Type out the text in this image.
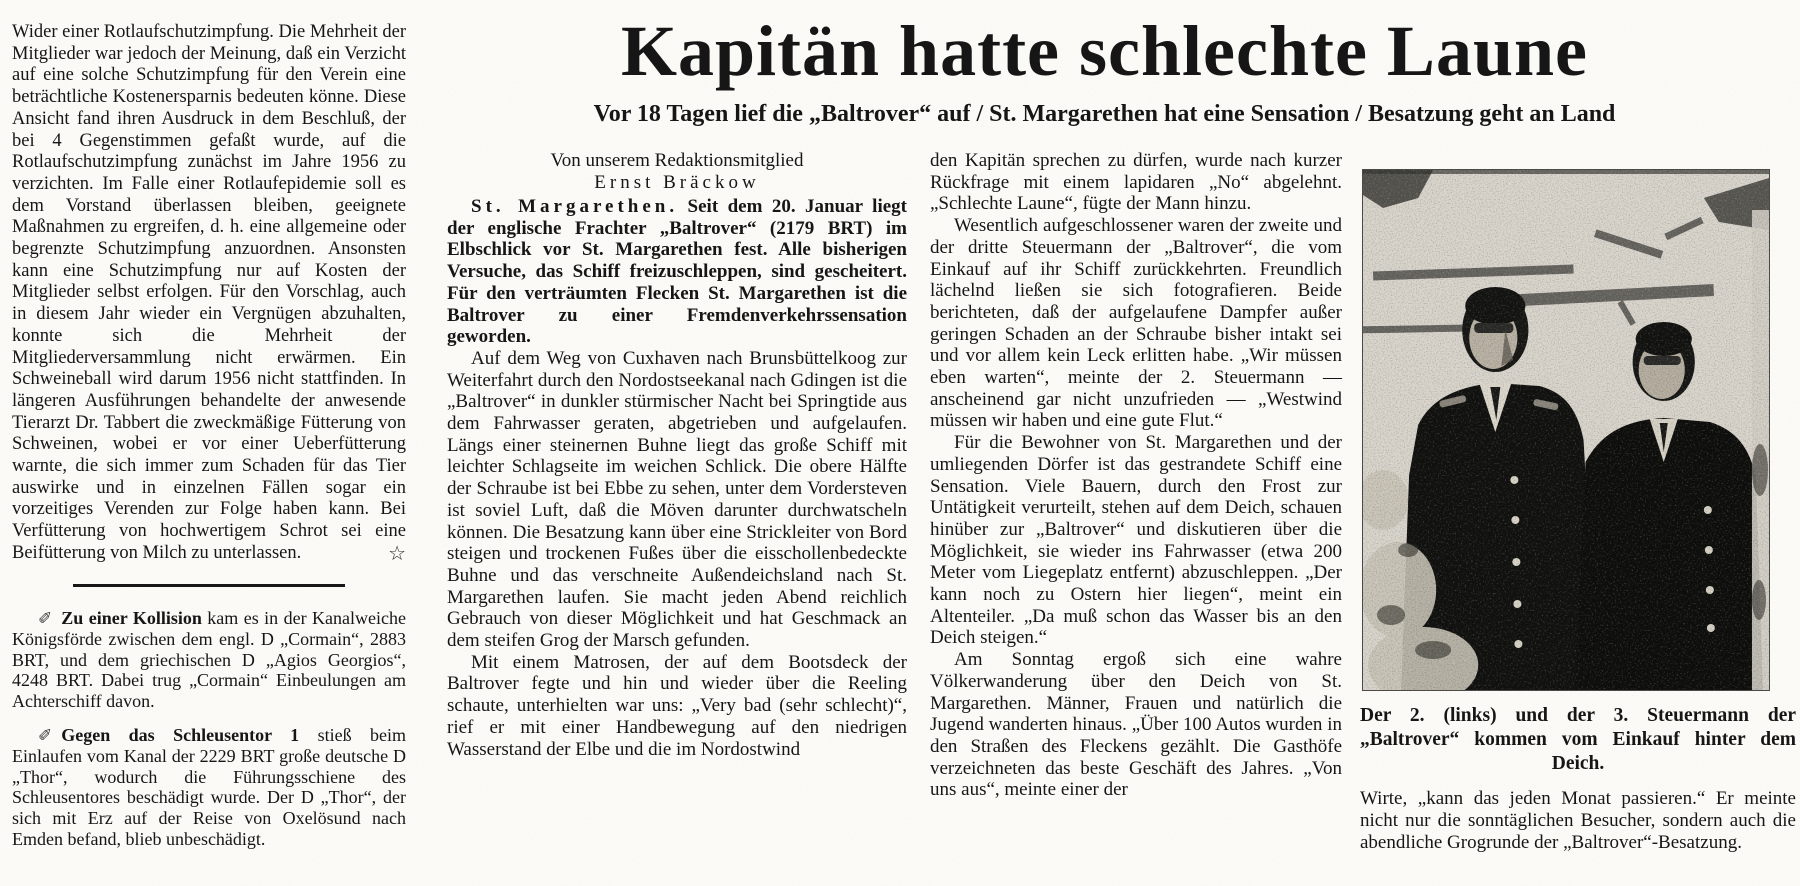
Wider einer Rotlaufschutzimpfung. Die Mehrheit der Mitglieder war jedoch der Meinung, daß ein Verzicht auf eine solche Schutzimpfung für den Verein eine beträchtliche Kostenersparnis bedeuten könne. Diese Ansicht fand ihren Ausdruck in dem Beschluß, der bei 4 Gegenstimmen gefaßt wurde, auf die Rotlaufschutzimpfung zunächst im Jahre 1956 zu verzichten. Im Falle einer Rotlaufepidemie soll es dem Vorstand überlassen bleiben, geeignete Maßnahmen zu ergreifen, d. h. eine allgemeine oder begrenzte Schutzimpfung anzuordnen. Ansonsten kann eine Schutzimpfung nur auf Kosten der Mitglieder selbst erfolgen. Für den Vorschlag, auch in diesem Jahr wieder ein Vergnügen abzuhalten, konnte sich die Mehrheit der Mitgliederversammlung nicht erwärmen. Ein Schweineball wird darum 1956 nicht stattfinden. In längeren Ausführungen behandelte der anwesende Tierarzt Dr. Tabbert die zweckmäßige Fütterung von Schweinen, wobei er vor einer Ueberfütterung warnte, die sich immer zum Schaden für das Tier auswirke und in einzelnen Fällen sogar ein vorzeitiges Verenden zur Folge haben kann. Bei Verfütterung von hochwertigem Schrot sei eine Beifütterung von Milch zu unterlassen.	☆

✐ Zu einer Kollision kam es in der Kanalweiche Königsförde zwischen dem engl. D „Cormain“, 2883 BRT, und dem griechischen D „Agios Georgios“, 4248 BRT. Dabei trug „Cormain“ Einbeulungen am Achterschiff davon.

✐ Gegen das Schleusentor 1 stieß beim Einlaufen vom Kanal der 2229 BRT große deutsche D „Thor“, wodurch die Führungsschiene des Schleusentores beschädigt wurde. Der D „Thor“, der sich mit Erz auf der Reise von Oxelösund nach Emden befand, blieb unbeschädigt.

Kapitän hatte schlechte Laune

Vor 18 Tagen lief die „Baltrover“ auf / St. Margarethen hat eine Sensation / Besatzung geht an Land

Von unserem Redaktionsmitglied
Ernst Bräckow

St. Margarethen. Seit dem 20. Januar liegt der englische Frachter „Baltrover“ (2179 BRT) im Elbschlick vor St. Margarethen fest. Alle bisherigen Versuche, das Schiff freizuschleppen, sind gescheitert. Für den verträumten Flecken St. Margarethen ist die Baltrover zu einer Fremdenverkehrssensation geworden.

Auf dem Weg von Cuxhaven nach Brunsbüttelkoog zur Weiterfahrt durch den Nordostseekanal nach Gdingen ist die „Baltrover“ in dunkler stürmischer Nacht bei Springtide aus dem Fahrwasser geraten, abgetrieben und aufgelaufen. Längs einer steinernen Buhne liegt das große Schiff mit leichter Schlagseite im weichen Schlick. Die obere Hälfte der Schraube ist bei Ebbe zu sehen, unter dem Vordersteven ist soviel Luft, daß die Möven darunter durchwatscheln können. Die Besatzung kann über eine Strickleiter von Bord steigen und trockenen Fußes über die eisschollenbedeckte Buhne und das verschneite Außendeichsland nach St. Margarethen laufen. Sie macht jeden Abend reichlich Gebrauch von dieser Möglichkeit und hat Geschmack an dem steifen Grog der Marsch gefunden.

Mit einem Matrosen, der auf dem Bootsdeck der Baltrover fegte und hin und wieder über die Reeling schaute, unterhielten war uns: „Very bad (sehr schlecht)“, rief er mit einer Handbewegung auf den niedrigen Wasserstand der Elbe und die im Nordostwind

den Kapitän sprechen zu dürfen, wurde nach kurzer Rückfrage mit einem lapidaren „No“ abgelehnt. „Schlechte Laune“, fügte der Mann hinzu.

Wesentlich aufgeschlossener waren der zweite und der dritte Steuermann der „Baltrover“, die vom Einkauf auf ihr Schiff zurückkehrten. Freundlich lächelnd ließen sie sich fotografieren. Beide berichteten, daß der aufgelaufene Dampfer außer geringen Schaden an der Schraube bisher intakt sei und vor allem kein Leck erlitten habe. „Wir müssen eben warten“, meinte der 2. Steuermann — anscheinend gar nicht unzufrieden — „Westwind müssen wir haben und eine gute Flut.“

Für die Bewohner von St. Margarethen und der umliegenden Dörfer ist das gestrandete Schiff eine Sensation. Viele Bauern, durch den Frost zur Untätigkeit verurteilt, stehen auf dem Deich, schauen hinüber zur „Baltrover“ und diskutieren über die Möglichkeit, sie wieder ins Fahrwasser (etwa 200 Meter vom Liegeplatz entfernt) abzuschleppen. „Der kann noch zu Ostern hier liegen“, meint ein Altenteiler. „Da muß schon das Wasser bis an den Deich steigen.“

Am Sonntag ergoß sich eine wahre Völkerwanderung über den Deich von St. Margarethen. Männer, Frauen und natürlich die Jugend wanderten hinaus. „Über 100 Autos wurden in den Straßen des Fleckens gezählt. Die Gasthöfe verzeichneten das beste Geschäft des Jahres. „Von uns aus“, meinte einer der

Der 2. (links) und der 3. Steuermann der „Baltrover“ kommen vom Einkauf hinter dem Deich.

Wirte, „kann das jeden Monat passieren.“ Er meinte nicht nur die sonntäglichen Besucher, sondern auch die abendliche Grogrunde der „Baltrover“-Besatzung.
